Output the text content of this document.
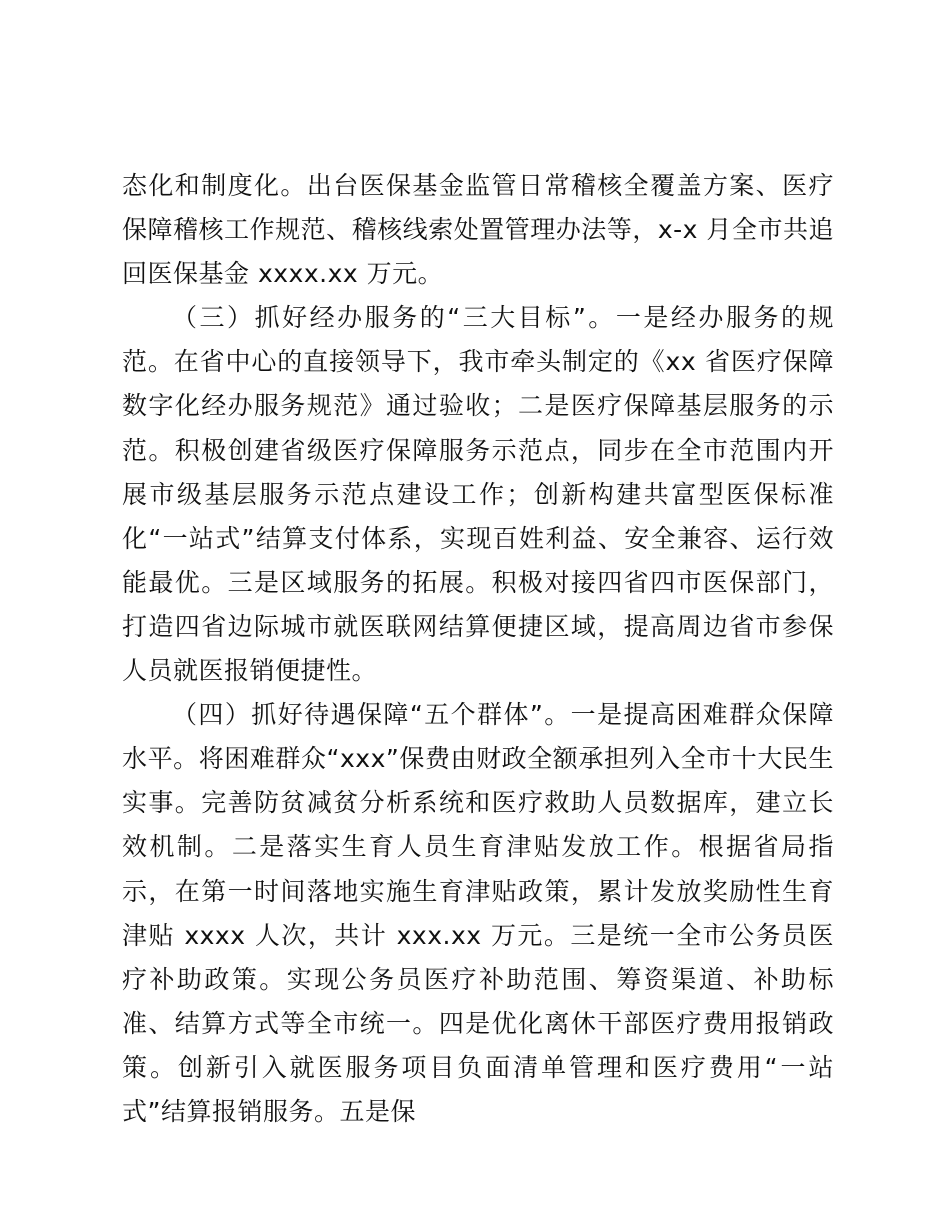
态化和制度化。出台医保基金监管日常稽核全覆盖方案、医疗保障稽核工作规范、稽核线索处置管理办法等，x-x 月全市共追回医保基金 xxxx.xx 万元。

（三）抓好经办服务的“三大目标”。一是经办服务的规范。在省中心的直接领导下，我市牵头制定的《xx 省医疗保障数字化经办服务规范》通过验收；二是医疗保障基层服务的示范。积极创建省级医疗保障服务示范点，同步在全市范围内开展市级基层服务示范点建设工作；创新构建共富型医保标准化“一站式”结算支付体系，实现百姓利益、安全兼容、运行效能最优。三是区域服务的拓展。积极对接四省四市医保部门，打造四省边际城市就医联网结算便捷区域，提高周边省市参保人员就医报销便捷性。

（四）抓好待遇保障“五个群体”。一是提高困难群众保障水平。将困难群众“xxx”保费由财政全额承担列入全市十大民生实事。完善防贫减贫分析系统和医疗救助人员数据库，建立长效机制。二是落实生育人员生育津贴发放工作。根据省局指示，在第一时间落地实施生育津贴政策，累计发放奖励性生育津贴 xxxx 人次，共计 xxx.xx 万元。三是统一全市公务员医疗补助政策。实现公务员医疗补助范围、筹资渠道、补助标准、结算方式等全市统一。四是优化离休干部医疗费用报销政策。创新引入就医服务项目负面清单管理和医疗费用“一站式”结算报销服务。五是保
